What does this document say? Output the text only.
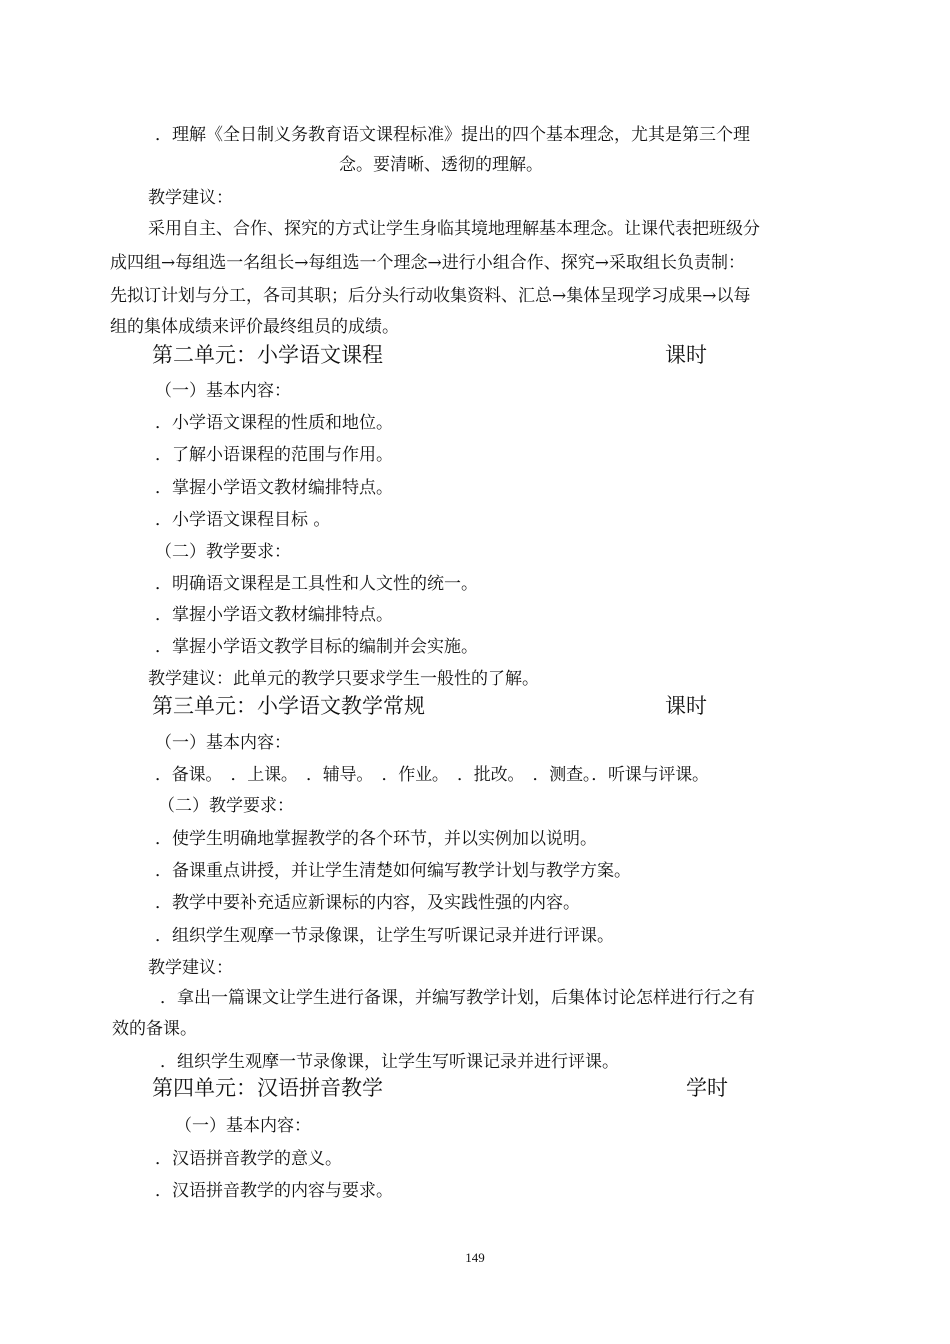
．理解《全日制义务教育语文课程标准》提出的四个基本理念，尤其是第三个理
念。要清晰、透彻的理解。
教学建议：
采用自主、合作、探究的方式让学生身临其境地理解基本理念。让课代表把班级分
成四组→每组选一名组长→每组选一个理念→进行小组合作、探究→采取组长负责制：
先拟订计划与分工，各司其职；后分头行动收集资料、汇总→集体呈现学习成果→以每
组的集体成绩来评价最终组员的成绩。
第二单元：小学语文课程	课时
（一）基本内容：
．小学语文课程的性质和地位。
．了解小语课程的范围与作用。
．掌握小学语文教材编排特点。
．小学语文课程目标 。
（二）教学要求：
．明确语文课程是工具性和人文性的统一。
．掌握小学语文教材编排特点。
．掌握小学语文教学目标的编制并会实施。
教学建议：此单元的教学只要求学生一般性的了解。
第三单元：小学语文教学常规	课时
（一）基本内容：
．备课。　．上课。　．辅导。　．作业。　．批改。　．测查。．听课与评课。
（二）教学要求：
．使学生明确地掌握教学的各个环节，并以实例加以说明。
．备课重点讲授，并让学生清楚如何编写教学计划与教学方案。
．教学中要补充适应新课标的内容，及实践性强的内容。
．组织学生观摩一节录像课，让学生写听课记录并进行评课。
教学建议：
．拿出一篇课文让学生进行备课，并编写教学计划，后集体讨论怎样进行行之有
效的备课。
．组织学生观摩一节录像课，让学生写听课记录并进行评课。
第四单元：汉语拼音教学	学时
（一）基本内容：
．汉语拼音教学的意义。
．汉语拼音教学的内容与要求。
149
